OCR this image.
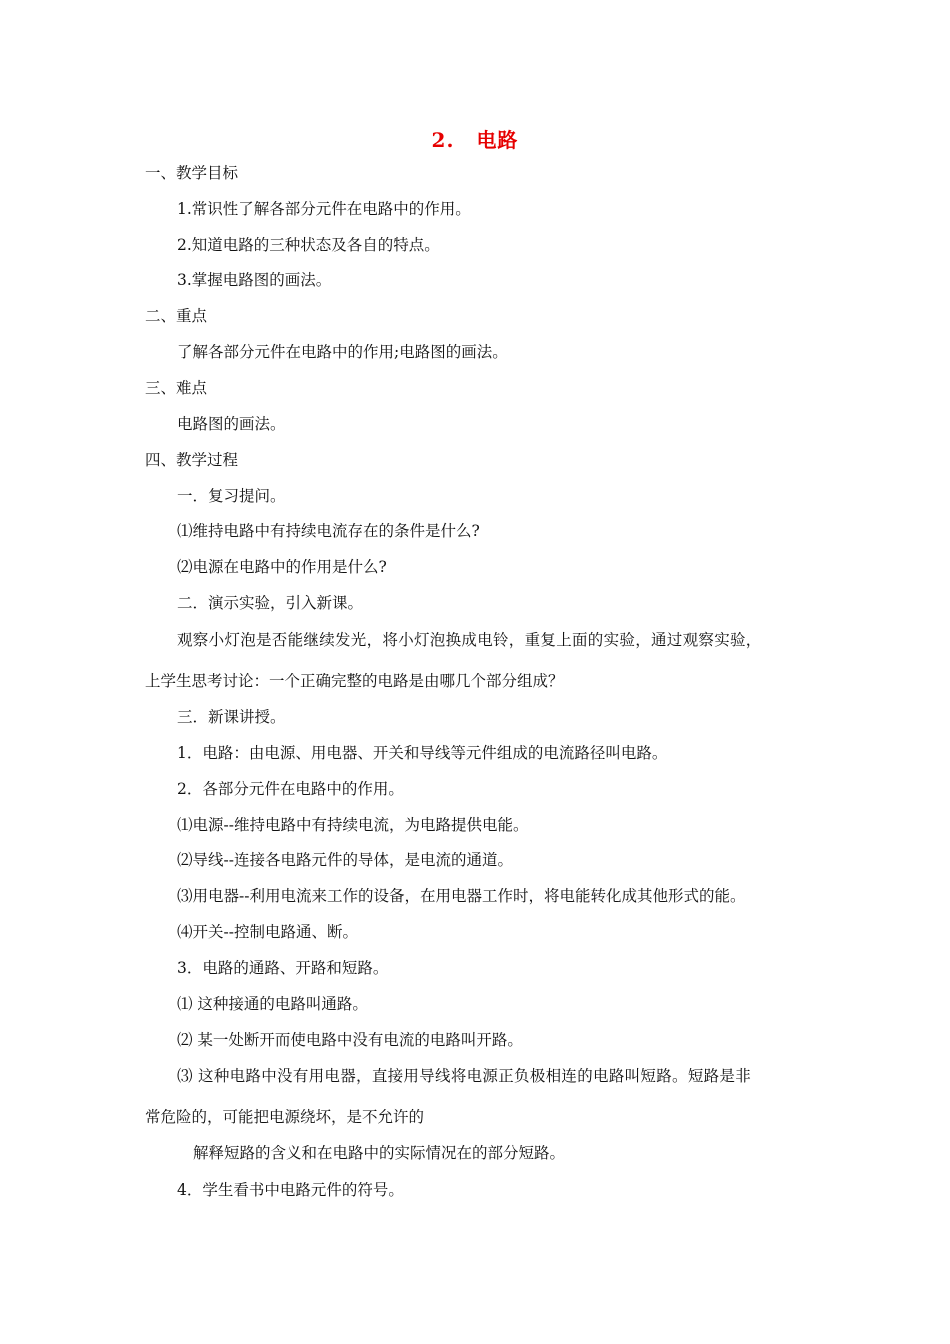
2. 电路
一、教学目标
1.常识性了解各部分元件在电路中的作用。
2.知道电路的三种状态及各自的特点。
3.掌握电路图的画法。
二、重点
了解各部分元件在电路中的作用;电路图的画法。
三、难点
电路图的画法。
四、教学过程
一．复习提问。
⑴维持电路中有持续电流存在的条件是什么?
⑵电源在电路中的作用是什么?
二．演示实验，引入新课。
观察小灯泡是否能继续发光，将小灯泡换成电铃，重复上面的实验，通过观察实验，
上学生思考讨论：一个正确完整的电路是由哪几个部分组成？
三．新课讲授。
1．电路：由电源、用电器、开关和导线等元件组成的电流路径叫电路。
2．各部分元件在电路中的作用。
⑴电源--维持电路中有持续电流，为电路提供电能。
⑵导线--连接各电路元件的导体，是电流的通道。
⑶用电器--利用电流来工作的设备，在用电器工作时，将电能转化成其他形式的能。
⑷开关--控制电路通、断。
3．电路的通路、开路和短路。
⑴ 这种接通的电路叫通路。
⑵ 某一处断开而使电路中没有电流的电路叫开路。
⑶ 这种电路中没有用电器，直接用导线将电源正负极相连的电路叫短路。短路是非
常危险的，可能把电源绕坏，是不允许的
解释短路的含义和在电路中的实际情况在的部分短路。
4．学生看书中电路元件的符号。
